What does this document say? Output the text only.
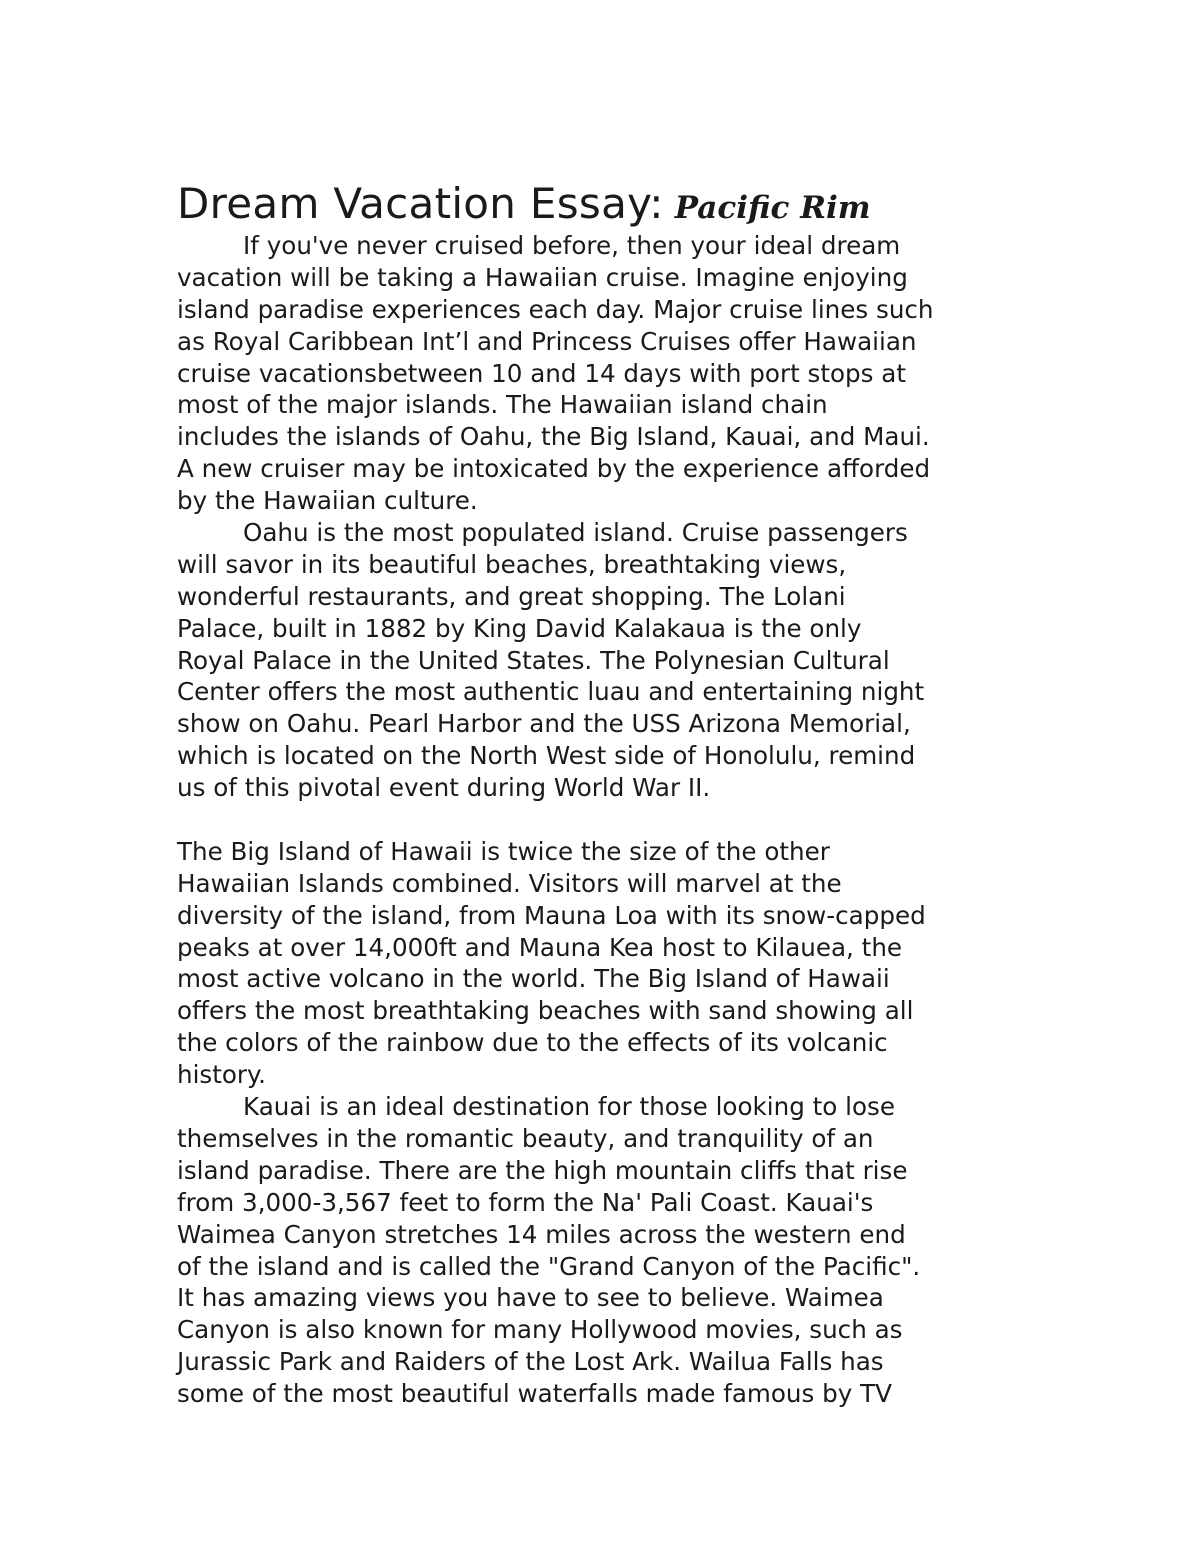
Dream Vacation Essay: Pacific Rim

If you've never cruised before, then your ideal dream
vacation will be taking a Hawaiian cruise. Imagine enjoying
island paradise experiences each day. Major cruise lines such
as Royal Caribbean Int’l and Princess Cruises offer Hawaiian
cruise vacationsbetween 10 and 14 days with port stops at
most of the major islands. The Hawaiian island chain
includes the islands of Oahu, the Big Island, Kauai, and Maui.
A new cruiser may be intoxicated by the experience afforded
by the Hawaiian culture.

Oahu is the most populated island. Cruise passengers
will savor in its beautiful beaches, breathtaking views,
wonderful restaurants, and great shopping. The Lolani
Palace, built in 1882 by King David Kalakaua is the only
Royal Palace in the United States. The Polynesian Cultural
Center offers the most authentic luau and entertaining night
show on Oahu. Pearl Harbor and the USS Arizona Memorial,
which is located on the North West side of Honolulu, remind
us of this pivotal event during World War II.

The Big Island of Hawaii is twice the size of the other
Hawaiian Islands combined. Visitors will marvel at the
diversity of the island, from Mauna Loa with its snow-capped
peaks at over 14,000ft and Mauna Kea host to Kilauea, the
most active volcano in the world. The Big Island of Hawaii
offers the most breathtaking beaches with sand showing all
the colors of the rainbow due to the effects of its volcanic
history.

Kauai is an ideal destination for those looking to lose
themselves in the romantic beauty, and tranquility of an
island paradise. There are the high mountain cliffs that rise
from 3,000-3,567 feet to form the Na' Pali Coast. Kauai's
Waimea Canyon stretches 14 miles across the western end
of the island and is called the "Grand Canyon of the Pacific".
It has amazing views you have to see to believe. Waimea
Canyon is also known for many Hollywood movies, such as
Jurassic Park and Raiders of the Lost Ark. Wailua Falls has
some of the most beautiful waterfalls made famous by TV
